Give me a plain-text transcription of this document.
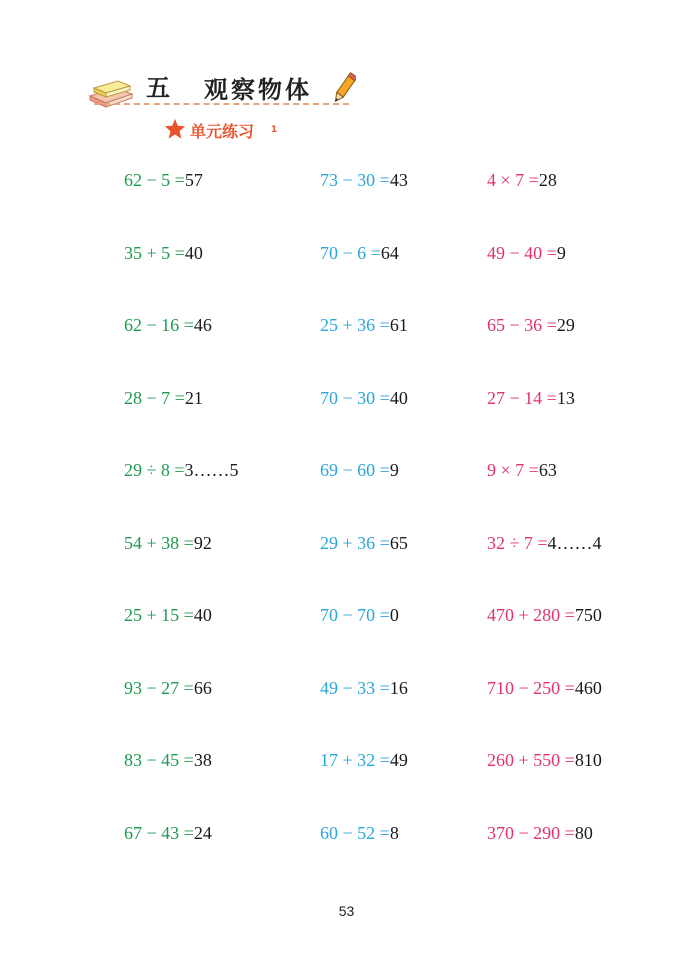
五 观察物体
单元练习 1
62 − 5 =57	73 − 30 =43	4 × 7 =28
35 + 5 =40	70 − 6 =64	49 − 40 =9
62 − 16 =46	25 + 36 =61	65 − 36 =29
28 − 7 =21	70 − 30 =40	27 − 14 =13
29 ÷ 8 =3……5	69 − 60 =9	9 × 7 =63
54 + 38 =92	29 + 36 =65	32 ÷ 7 =4……4
25 + 15 =40	70 − 70 =0	470 + 280 =750
93 − 27 =66	49 − 33 =16	710 − 250 =460
83 − 45 =38	17 + 32 =49	260 + 550 =810
67 − 43 =24	60 − 52 =8	370 − 290 =80
53
